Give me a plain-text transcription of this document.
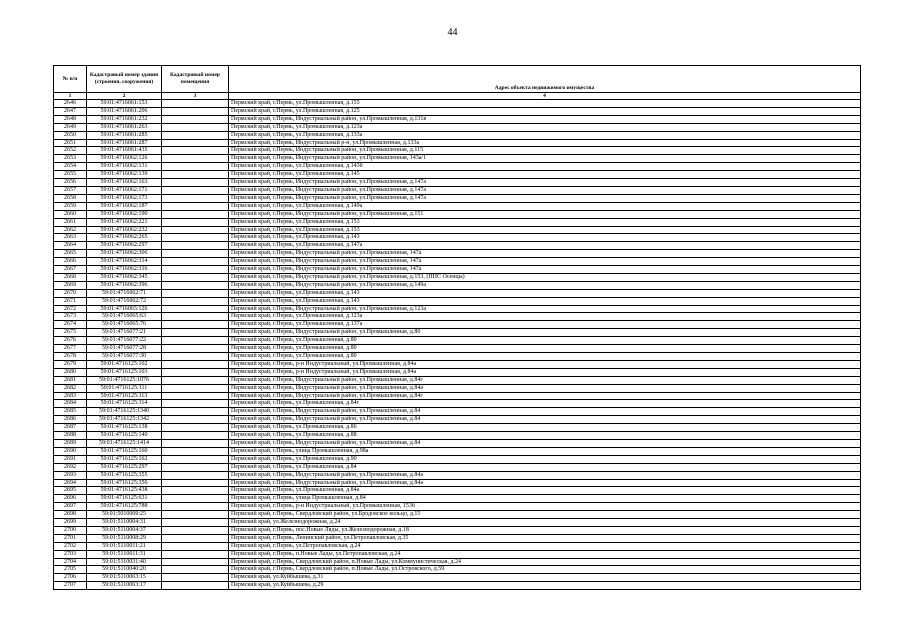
44
№ п/п	Кадастровый номер здания (строения, сооружения)	Кадастровый номер помещения	
			Адрес объекта недвижимого имущества
1	2	3	4
2646	59:01:4716061:153		Пермский край, г.Пермь, ул.Промышленная, д.155
2647	59:01:4716061:206		Пермский край, г.Пермь, ул.Промышленная, д.125
2648	59:01:4716061:232		Пермский край, г.Пермь, Индустриальный район, ул.Промышленная, д.131в
2649	59:01:4716061:263		Пермский край, г.Пермь, ул.Промышленная, д.123а
2650	59:01:4716061:285		Пермский край, г.Пермь, ул.Промышленная, д.133а
2651	59:01:4716061:287		Пермский край, г.Пермь, Индустриальный р-н, ул.Промышленная, д.133а
2652	59:01:4716061:435		Пермский край, г.Пермь, Индустриальный район, ул.Промышленная, д.115
2653	59:01:4716062:126		Пермский край, г.Пермь, Индустриальный район, ул.Промышленная, 143а/1
2654	59:01:4716062:131		Пермский край, г.Пермь, ул.Промышленная, д.143б
2655	59:01:4716062:139		Пермский край, г.Пермь, ул.Промышленная, д.145
2656	59:01:4716062:163		Пермский край, г.Пермь, Индустриальный район, ул.Промышленная, д.147а
2657	59:01:4716062:171		Пермский край, г.Пермь, Индустриальный район, ул.Промышленная, д.147а
2658	59:01:4716062:173		Пермский край, г.Пермь, Индустриальный район, ул.Промышленная, д.147а
2659	59:01:4716062:187		Пермский край, г.Пермь, ул.Промышленная, д.149а
2660	59:01:4716062:190		Пермский край, г.Пермь, Индустриальный район, ул.Промышленная, д.151
2661	59:01:4716062:221		Пермский край, г.Пермь, ул.Промышленная, д.153
2662	59:01:4716062:232		Пермский край, г.Пермь, ул.Промышленная, д.153
2663	59:01:4716062:265		Пермский край, г.Пермь, ул.Промышленная, д.143
2664	59:01:4716062:297		Пермский край, г.Пермь, ул.Промышленная, д.147а
2665	59:01:4716062:306		Пермский край, г.Пермь, Индустриальный район, ул.Промышленная, 147а
2666	59:01:4716062:314		Пермский край, г.Пермь, Индустриальный район, ул.Промышленная, 147а
2667	59:01:4716062:316		Пермский край, г.Пермь, Индустриальный район, ул.Промышленная, 147а
2668	59:01:4716062:345		Пермский край, г.Пермь, Индустриальный район, ул.Промышленная, д.153, (ППС Осенцы)
2669	59:01:4716062:396		Пермский край, г.Пермь, Индустриальный район, ул.Промышленная, д.149а
2670	59:01:4716062:71		Пермский край, г.Пермь, ул.Промышленная, д.143
2671	59:01:4716062:72		Пермский край, г.Пермь, ул.Промышленная, д.143
2672	59:01:4716065:126		Пермский край, г.Пермь, Индустриальный район, ул.Промышленная, д.123а
2673	59:01:4716065:63		Пермский край, г.Пермь, ул.Промышленная, д.123а
2674	59:01:4716065:76		Пермский край, г.Пермь, ул.Промышленная, д.137а
2675	59:01:4716077:21		Пермский край, г.Пермь, Индустриальный район, ул.Промышленная, д.80
2676	59:01:4716077:22		Пермский край, г.Пермь, ул.Промышленная, д.80
2677	59:01:4716077:28		Пермский край, г.Пермь, ул.Промышленная, д.80
2678	59:01:4716077:30		Пермский край, г.Пермь, ул.Промышленная, д.80
2679	59:01:4716125:102		Пермский край, г.Пермь, р-н Индустриальный, ул.Промышленная, д.84а
2680	59:01:4716125:103		Пермский край, г.Пермь, р-н Индустриальный, ул.Промышленная, д.84а
2681	59:01:4716125:1076		Пермский край, г.Пермь, Индустриальный район, ул.Промышленная, д.84г
2682	59:01:4716125:111		Пермский край, г.Пермь, Индустриальный район, ул.Промышленная, д.84а
2683	59:01:4716125:113		Пермский край, г.Пермь, Индустриальный район, ул.Промышленная, д.84г
2684	59:01:4716125:114		Пермский край, г.Пермь, ул.Промышленная, д.84г
2685	59:01:4716125:1340		Пермский край, г.Пермь, Индустриальный район, ул.Промышленная, д.84
2686	59:01:4716125:1342		Пермский край, г.Пермь, Индустриальный район, ул.Промышленная, д.84
2687	59:01:4716125:138		Пермский край, г.Пермь, ул.Промышленная, д.86
2688	59:01:4716125:140		Пермский край, г.Пермь, ул.Промышленная, д.88
2689	59:01:4716125:1414		Пермский край, г.Пермь, Индустриальный район, ул.Промышленная, д.84
2690	59:01:4716125:160		Пермский край, г.Пермь, улица Промышленная, д.98а
2691	59:01:4716125:162		Пермский край, г.Пермь, ул.Промышленная, д.90
2692	59:01:4716125:297		Пермский край, г.Пермь, ул.Промышленная, д.84
2693	59:01:4716125:355		Пермский край, г.Пермь, Индустриальный район, ул.Промышленная, д.84а
2694	59:01:4716125:356		Пермский край, г.Пермь, Индустриальный район, ул.Промышленная, д.84а
2695	59:01:4716125:438		Пермский край, г.Пермь, ул.Промышленная, д.84а
2696	59:01:4716125:631		Пермский край, г.Пермь, улица Промышленная, д.84
2697	59:01:4716125:788		Пермский край, г.Пермь, р-н Индустриальный, ул.Промышленная, 153б
2698	59:01:5010009:25		Пермский край, г.Пермь, Свердловский район, ул.Бродовское кольцо, д.15
2699	59:01:5110004:31		Пермский край, ул.Железнодорожная, д.24
2700	59:01:5110004:37		Пермский край, г.Пермь, пос.Новые Ляды, ул.Железнодорожная, д.18
2701	59:01:5110008:29		Пермский край, г.Пермь, Ленинский район, ул.Петропавловская, д.35
2702	59:01:5110011:21		Пермский край, г.Пермь, ул.Петропавловская, д.24
2703	59:01:5110011:31		Пермский край, г.Пермь, п.Новые Лады, ул.Петропавловская, д.24
2704	59:01:5110031:40		Пермский край, г.Пермь, Свердловский район, п.Новые Лады, ул.Коммунистическая, д.24
2705	59:01:5110040:20		Пермский край, г.Пермь, Свердловский район, п.Новые Лады, ул.Островского, д.59
2706	59:01:5110063:15		Пермский край, ул.Куйбышева, д.31
2707	59:01:5110063:17		Пермский край, ул.Куйбышева, д.29
